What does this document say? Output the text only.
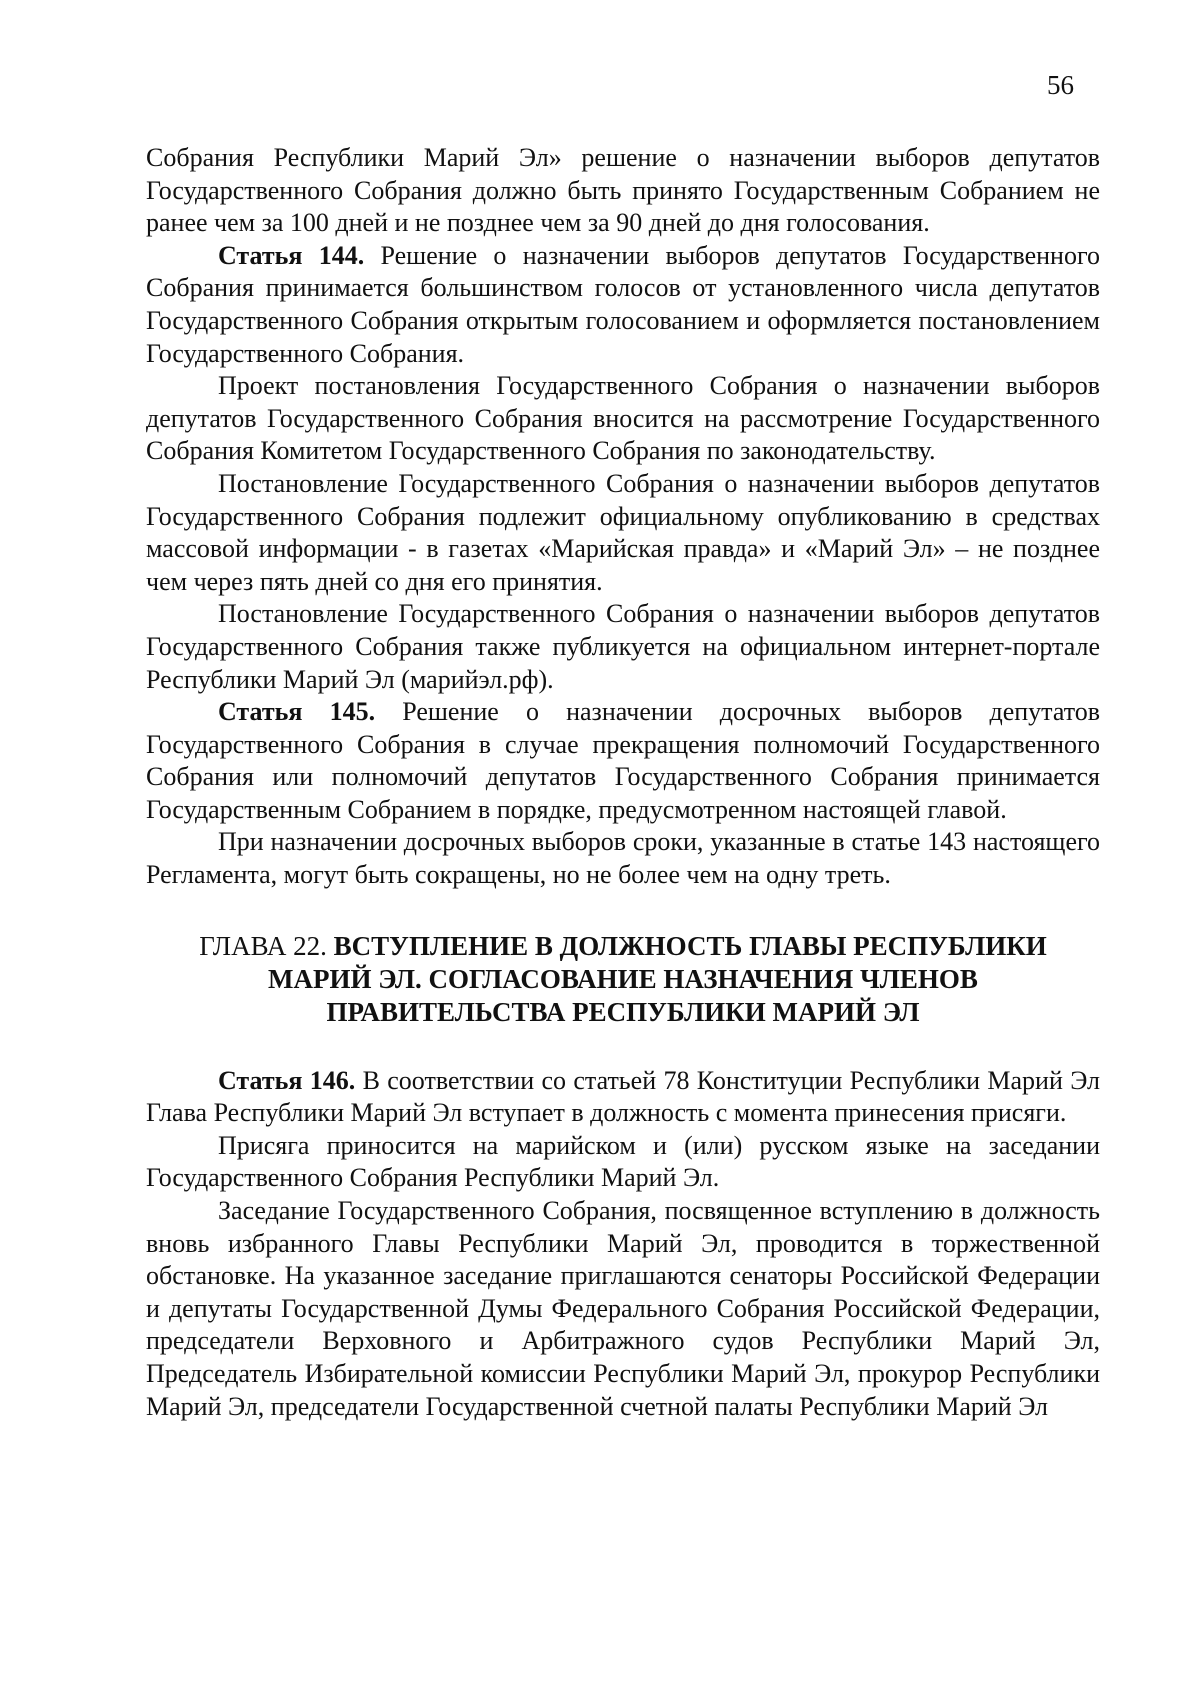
56

Собрания Республики Марий Эл» решение о назначении выборов депутатов Государственного Собрания должно быть принято Государственным Собранием не ранее чем за 100 дней и не позднее чем за 90 дней до дня голосования.

Статья 144. Решение о назначении выборов депутатов Государственного Собрания принимается большинством голосов от установленного числа депутатов Государственного Собрания открытым голосованием и оформляется постановлением Государственного Собрания.

Проект постановления Государственного Собрания о назначении выборов депутатов Государственного Собрания вносится на рассмотрение Государственного Собрания Комитетом Государственного Собрания по законодательству.

Постановление Государственного Собрания о назначении выборов депутатов Государственного Собрания подлежит официальному опубликованию в средствах массовой информации - в газетах «Марийская правда» и «Марий Эл» – не позднее чем через пять дней со дня его принятия.

Постановление Государственного Собрания о назначении выборов депутатов Государственного Собрания также публикуется на официальном интернет-портале Республики Марий Эл (марийэл.рф).

Статья 145. Решение о назначении досрочных выборов депутатов Государственного Собрания в случае прекращения полномочий Государственного Собрания или полномочий депутатов Государственного Собрания принимается Государственным Собранием в порядке, предусмотренном настоящей главой.

При назначении досрочных выборов сроки, указанные в статье 143 настоящего Регламента, могут быть сокращены, но не более чем на одну треть.

ГЛАВА 22. ВСТУПЛЕНИЕ В ДОЛЖНОСТЬ ГЛАВЫ РЕСПУБЛИКИ МАРИЙ ЭЛ. СОГЛАСОВАНИЕ НАЗНАЧЕНИЯ ЧЛЕНОВ ПРАВИТЕЛЬСТВА РЕСПУБЛИКИ МАРИЙ ЭЛ

Статья 146. В соответствии со статьей 78 Конституции Республики Марий Эл Глава Республики Марий Эл вступает в должность с момента принесения присяги.

Присяга приносится на марийском и (или) русском языке на заседании Государственного Собрания Республики Марий Эл.

Заседание Государственного Собрания, посвященное вступлению в должность вновь избранного Главы Республики Марий Эл, проводится в торжественной обстановке. На указанное заседание приглашаются сенаторы Российской Федерации и депутаты Государственной Думы Федерального Собрания Российской Федерации, председатели Верховного и Арбитражного судов Республики Марий Эл, Председатель Избирательной комиссии Республики Марий Эл, прокурор Республики Марий Эл, председатели Государственной счетной палаты Республики Марий Эл
